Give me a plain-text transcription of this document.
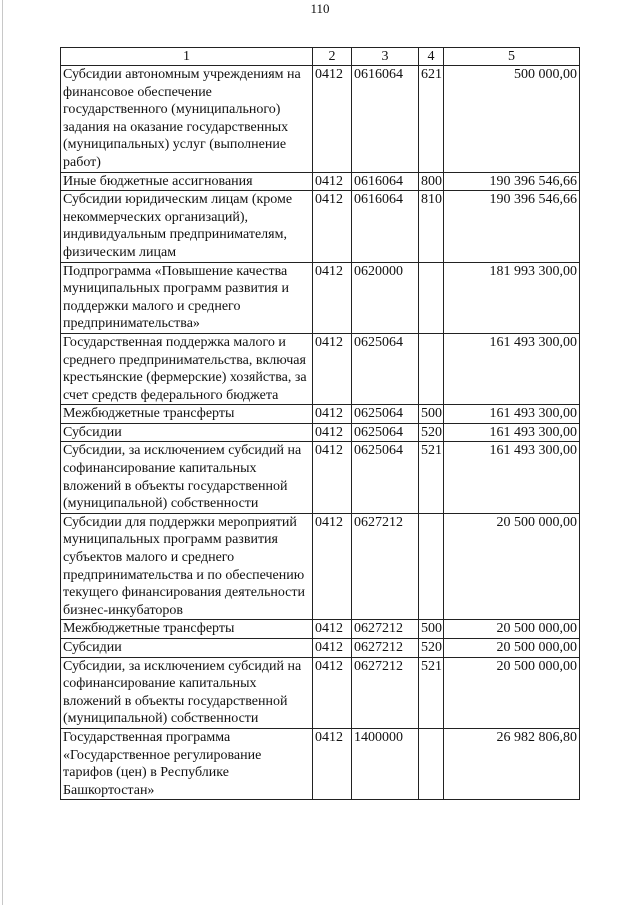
110
1	2	3	4	5
Субсидии автономным учреждениям на финансовое обеспечение государственного (муниципального) задания на оказание государственных (муниципальных) услуг (выполнение работ)	0412	0616064	621	500 000,00
Иные бюджетные ассигнования	0412	0616064	800	190 396 546,66
Субсидии юридическим лицам (кроме некоммерческих организаций), индивидуальным предпринимателям, физическим лицам	0412	0616064	810	190 396 546,66
Подпрограмма «Повышение качества муниципальных программ развития и поддержки малого и среднего предпринимательства»	0412	0620000		181 993 300,00
Государственная поддержка малого и среднего предпринимательства, включая крестьянские (фермерские) хозяйства, за счет средств федерального бюджета	0412	0625064		161 493 300,00
Межбюджетные трансферты	0412	0625064	500	161 493 300,00
Субсидии	0412	0625064	520	161 493 300,00
Субсидии, за исключением субсидий на софинансирование капитальных вложений в объекты государственной (муниципальной) собственности	0412	0625064	521	161 493 300,00
Субсидии для поддержки мероприятий муниципальных программ развития субъектов малого и среднего предпринимательства и по обеспечению текущего финансирования деятельности бизнес-инкубаторов	0412	0627212		20 500 000,00
Межбюджетные трансферты	0412	0627212	500	20 500 000,00
Субсидии	0412	0627212	520	20 500 000,00
Субсидии, за исключением субсидий на софинансирование капитальных вложений в объекты государственной (муниципальной) собственности	0412	0627212	521	20 500 000,00
Государственная программа «Государственное регулирование тарифов (цен) в Республике Башкортостан»	0412	1400000		26 982 806,80
